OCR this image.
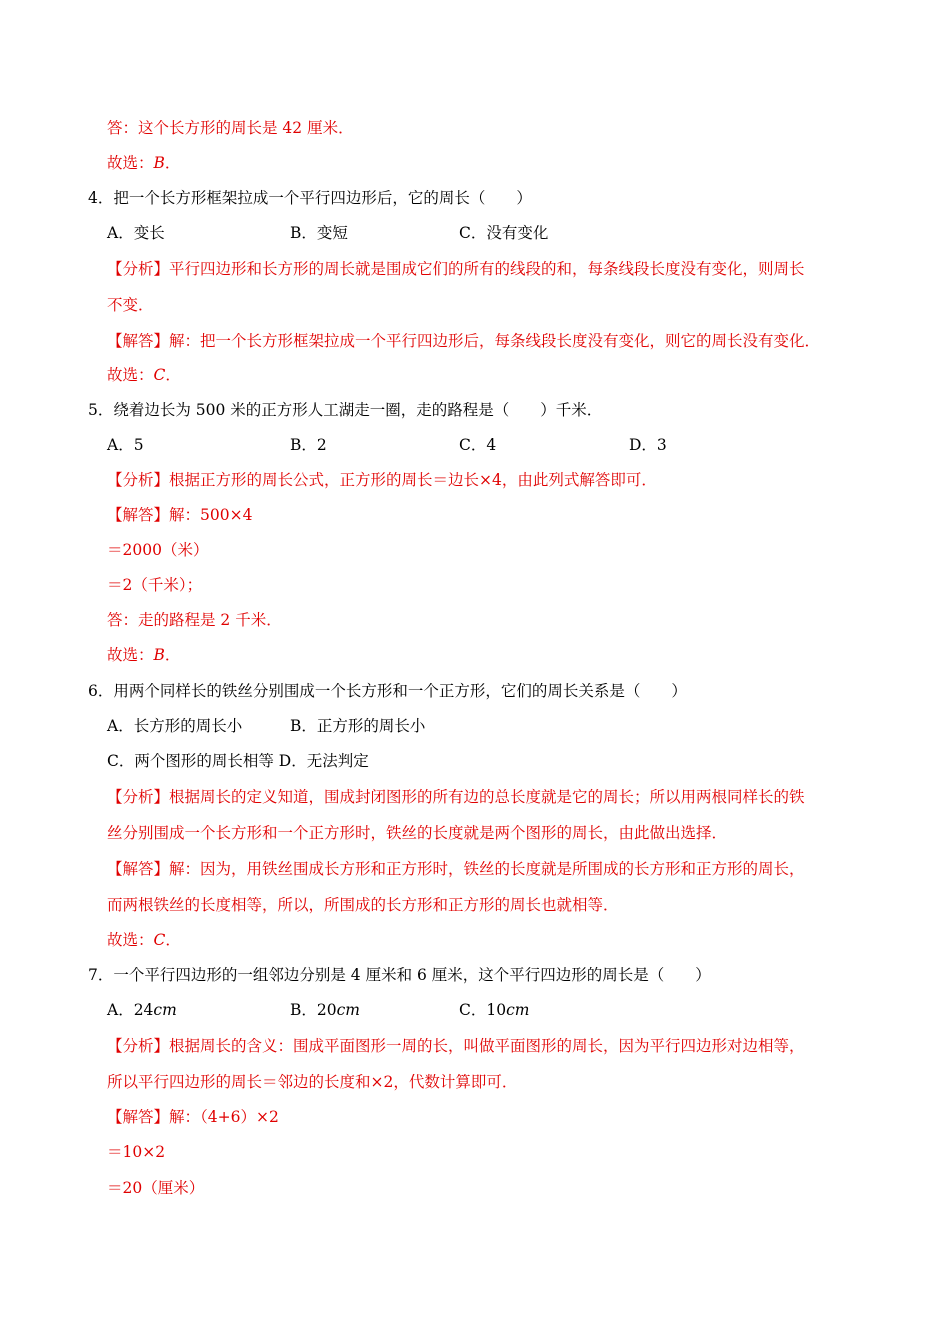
答：这个长方形的周长是 42 厘米．
故选：B．
4．把一个长方形框架拉成一个平行四边形后，它的周长（　　）
A．变长	B．变短	C．没有变化
【分析】平行四边形和长方形的周长就是围成它们的所有的线段的和，每条线段长度没有变化，则周长
不变．
【解答】解：把一个长方形框架拉成一个平行四边形后，每条线段长度没有变化，则它的周长没有变化．
故选：C．
5．绕着边长为 500 米的正方形人工湖走一圈，走的路程是（　　）千米．
A．5	B．2	C．4	D．3
【分析】根据正方形的周长公式，正方形的周长＝边长×4，由此列式解答即可．
【解答】解：500×4
＝2000（米）
＝2（千米）；
答：走的路程是 2 千米．
故选：B．
6．用两个同样长的铁丝分别围成一个长方形和一个正方形，它们的周长关系是（　　）
A．长方形的周长小	B．正方形的周长小
C．两个图形的周长相等 D．无法判定
【分析】根据周长的定义知道，围成封闭图形的所有边的总长度就是它的周长；所以用两根同样长的铁
丝分别围成一个长方形和一个正方形时，铁丝的长度就是两个图形的周长，由此做出选择．
【解答】解：因为，用铁丝围成长方形和正方形时，铁丝的长度就是所围成的长方形和正方形的周长，
而两根铁丝的长度相等，所以，所围成的长方形和正方形的周长也就相等．
故选：C．
7．一个平行四边形的一组邻边分别是 4 厘米和 6 厘米，这个平行四边形的周长是（　　）
A．24cm	B．20cm	C．10cm
【分析】根据周长的含义：围成平面图形一周的长，叫做平面图形的周长，因为平行四边形对边相等，
所以平行四边形的周长＝邻边的长度和×2，代数计算即可．
【解答】解：（4+6）×2
＝10×2
＝20（厘米）
